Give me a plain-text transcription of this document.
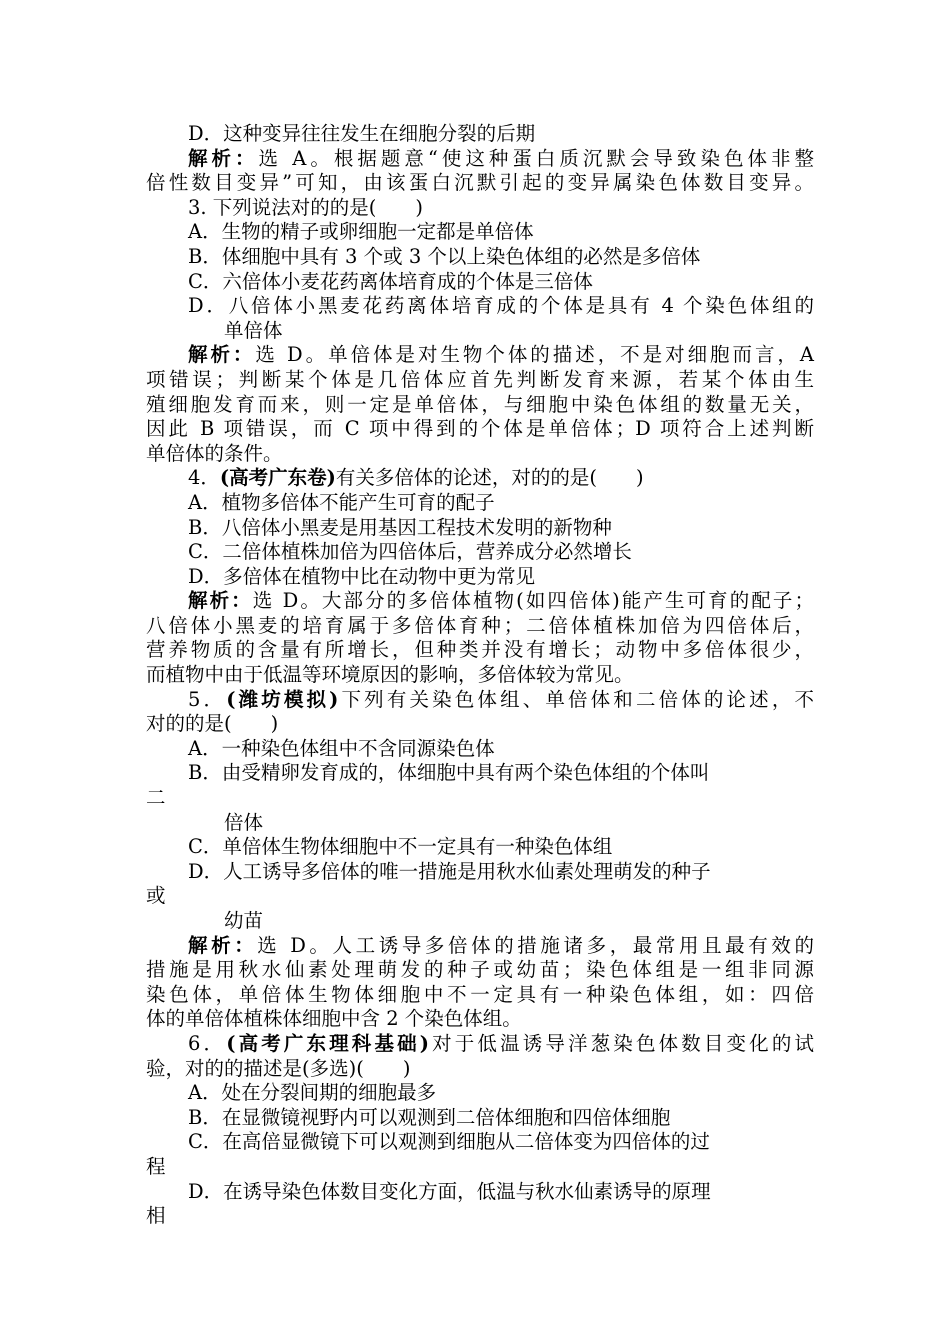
D．这种变异往往发生在细胞分裂的后期
解析：选 A。根据题意“使这种蛋白质沉默会导致染色体非整
倍性数目变异”可知，由该蛋白沉默引起的变异属染色体数目变异。
3. 下列说法对的的是(　　)
A．生物的精子或卵细胞一定都是单倍体
B．体细胞中具有 3 个或 3 个以上染色体组的必然是多倍体
C．六倍体小麦花药离体培育成的个体是三倍体
D．八倍体小黑麦花药离体培育成的个体是具有 4 个染色体组的
单倍体
解析：选 D。单倍体是对生物个体的描述，不是对细胞而言，A
项错误；判断某个体是几倍体应首先判断发育来源，若某个体由生
殖细胞发育而来，则一定是单倍体，与细胞中染色体组的数量无关，
因此 B 项错误，而 C 项中得到的个体是单倍体；D 项符合上述判断
单倍体的条件。
4．(高考广东卷)有关多倍体的论述，对的的是(　　)
A．植物多倍体不能产生可育的配子
B．八倍体小黑麦是用基因工程技术发明的新物种
C．二倍体植株加倍为四倍体后，营养成分必然增长
D．多倍体在植物中比在动物中更为常见
解析：选 D。大部分的多倍体植物(如四倍体)能产生可育的配子；
八倍体小黑麦的培育属于多倍体育种；二倍体植株加倍为四倍体后，
营养物质的含量有所增长，但种类并没有增长；动物中多倍体很少，
而植物中由于低温等环境原因的影响，多倍体较为常见。
5．(潍坊模拟)下列有关染色体组、单倍体和二倍体的论述，不
对的的是(　　)
A．一种染色体组中不含同源染色体
B．由受精卵发育成的，体细胞中具有两个染色体组的个体叫
二
倍体
C．单倍体生物体细胞中不一定具有一种染色体组
D．人工诱导多倍体的唯一措施是用秋水仙素处理萌发的种子
或
幼苗
解析：选 D。人工诱导多倍体的措施诸多，最常用且最有效的
措施是用秋水仙素处理萌发的种子或幼苗；染色体组是一组非同源
染色体，单倍体生物体细胞中不一定具有一种染色体组，如：四倍
体的单倍体植株体细胞中含 2 个染色体组。
6．(高考广东理科基础)对于低温诱导洋葱染色体数目变化的试
验，对的的描述是(多选)(　　)
A．处在分裂间期的细胞最多
B．在显微镜视野内可以观测到二倍体细胞和四倍体细胞
C．在高倍显微镜下可以观测到细胞从二倍体变为四倍体的过
程
D．在诱导染色体数目变化方面，低温与秋水仙素诱导的原理
相
